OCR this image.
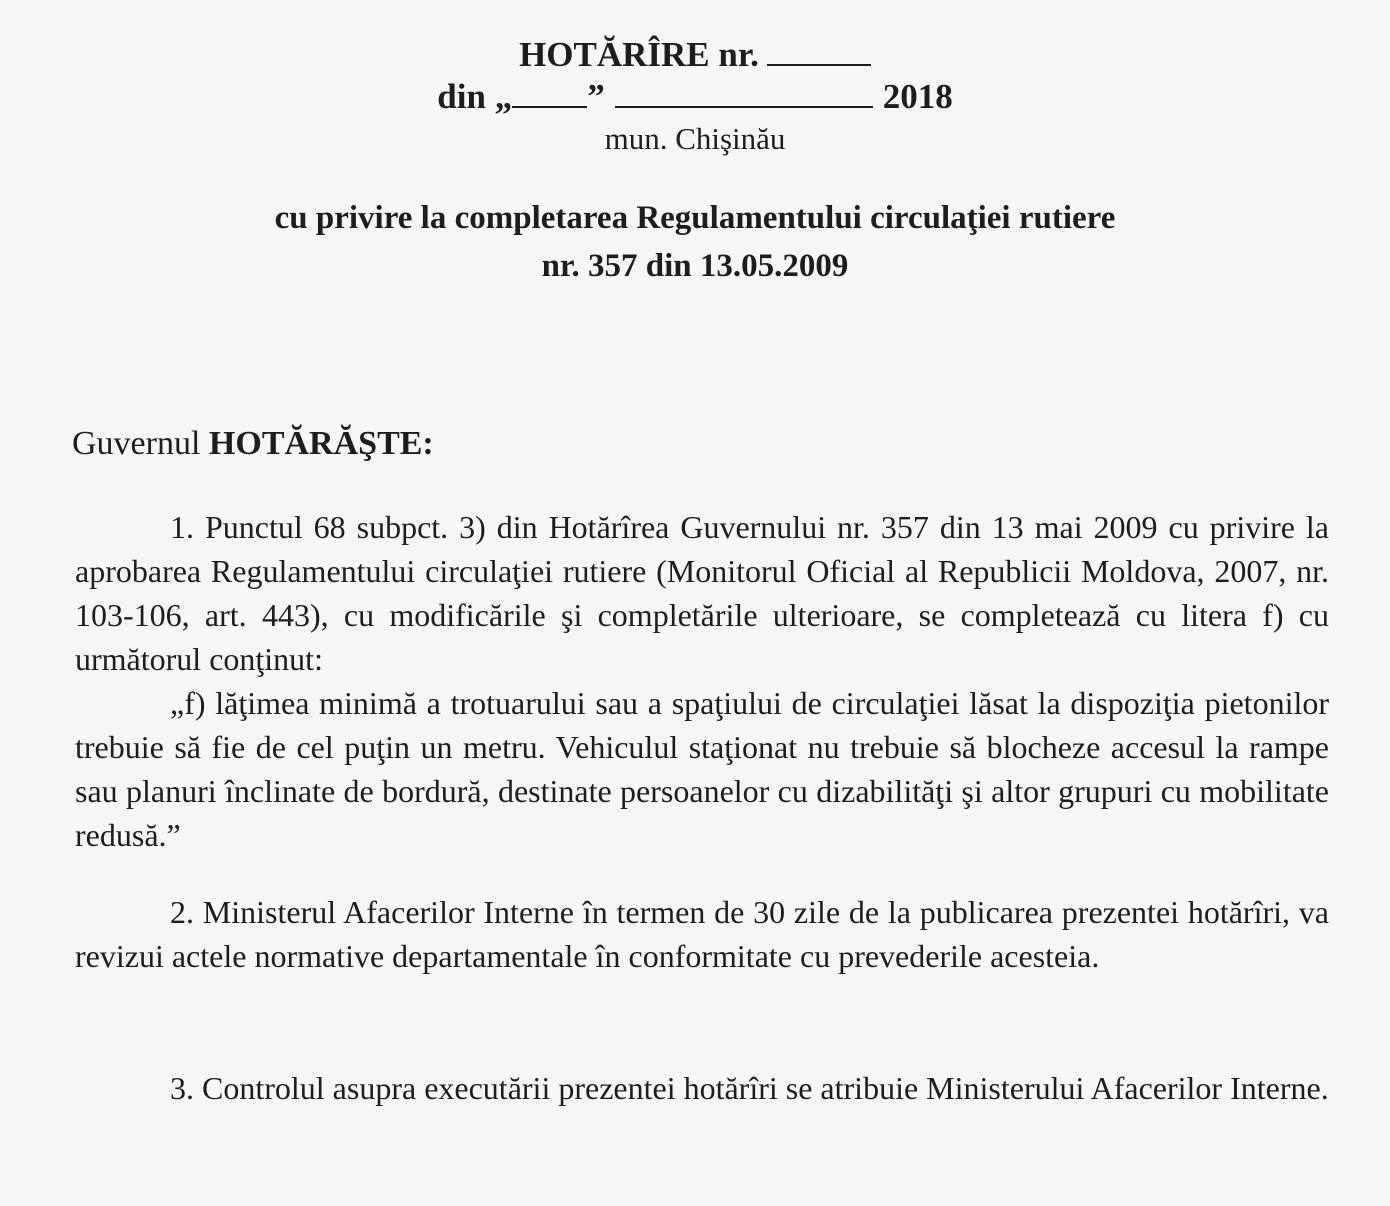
HOTĂRÎRE nr.
din „ ”	2018
mun. Chişinău
cu privire la completarea Regulamentului circulaţiei rutiere
nr. 357 din 13.05.2009
Guvernul HOTĂRĂŞTE:

1. Punctul 68 subpct. 3) din Hotărîrea Guvernului nr. 357 din 13 mai 2009 cu privire la aprobarea Regulamentului circulaţiei rutiere (Monitorul Oficial al Republicii Moldova, 2007, nr. 103-106, art. 443), cu modificările şi completările ulterioare, se completează cu litera f) cu următorul conţinut:

„f) lăţimea minimă a trotuarului sau a spaţiului de circulaţiei lăsat la dispoziţia pietonilor trebuie să fie de cel puţin un metru. Vehiculul staţionat nu trebuie să blocheze accesul la rampe sau planuri înclinate de bordură, destinate persoanelor cu dizabilităţi şi altor grupuri cu mobilitate redusă.”

2. Ministerul Afacerilor Interne în termen de 30 zile de la publicarea prezentei hotărîri, va revizui actele normative departamentale în conformitate cu prevederile acesteia.

3. Controlul asupra executării prezentei hotărîri se atribuie Ministerului Afacerilor Interne.
